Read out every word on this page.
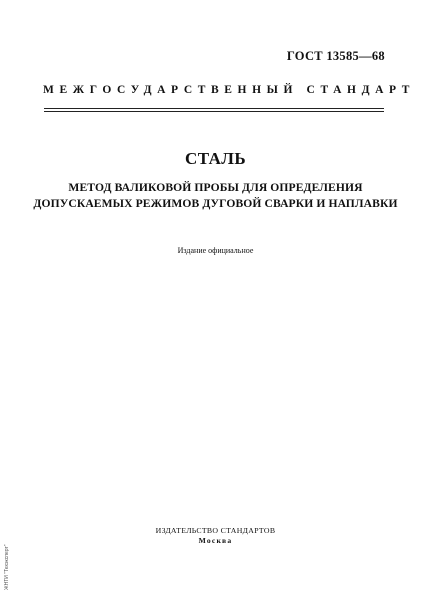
ГОСТ 13585—68
МЕЖГОСУДАРСТВЕННЫЙ СТАНДАРТ
СТАЛЬ
МЕТОД ВАЛИКОВОЙ ПРОБЫ ДЛЯ ОПРЕДЕЛЕНИЯ
ДОПУСКАЕМЫХ РЕЖИМОВ ДУГОВОЙ СВАРКИ И НАПЛАВКИ
Издание официальное
ЖНТИ "Техэксперт"
ИЗДАТЕЛЬСТВО СТАНДАРТОВ
Москва
